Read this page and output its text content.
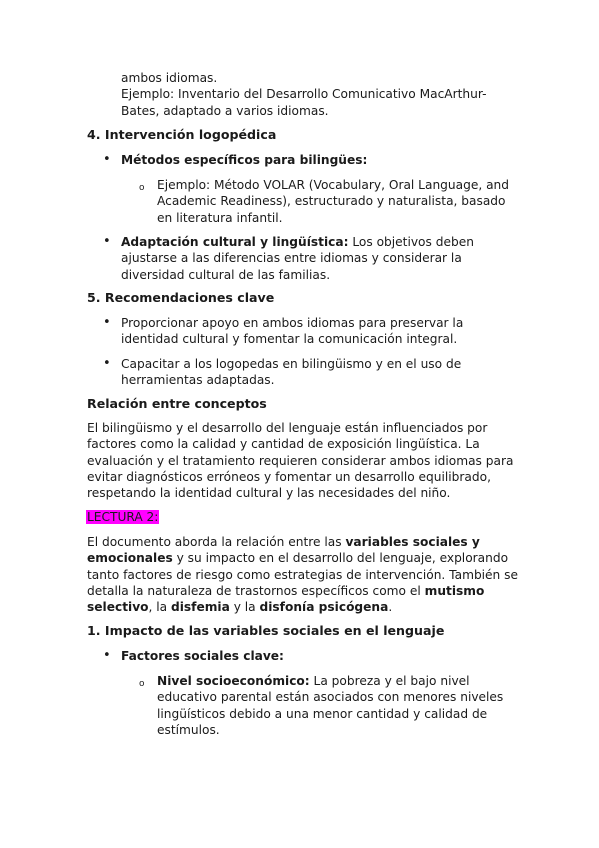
ambos idiomas.
Ejemplo: Inventario del Desarrollo Comunicativo MacArthur-
Bates, adaptado a varios idiomas.
4. Intervención logopédica
• Métodos específicos para bilingües:
o Ejemplo: Método VOLAR (Vocabulary, Oral Language, and
Academic Readiness), estructurado y naturalista, basado
en literatura infantil.
• Adaptación cultural y lingüística: Los objetivos deben
ajustarse a las diferencias entre idiomas y considerar la
diversidad cultural de las familias.
5. Recomendaciones clave
• Proporcionar apoyo en ambos idiomas para preservar la
identidad cultural y fomentar la comunicación integral.
• Capacitar a los logopedas en bilingüismo y en el uso de
herramientas adaptadas.
Relación entre conceptos
El bilingüismo y el desarrollo del lenguaje están influenciados por
factores como la calidad y cantidad de exposición lingüística. La
evaluación y el tratamiento requieren considerar ambos idiomas para
evitar diagnósticos erróneos y fomentar un desarrollo equilibrado,
respetando la identidad cultural y las necesidades del niño.
LECTURA 2:
El documento aborda la relación entre las variables sociales y
emocionales y su impacto en el desarrollo del lenguaje, explorando
tanto factores de riesgo como estrategias de intervención. También se
detalla la naturaleza de trastornos específicos como el mutismo
selectivo, la disfemia y la disfonía psicógena.
1. Impacto de las variables sociales en el lenguaje
• Factores sociales clave:
o Nivel socioeconómico: La pobreza y el bajo nivel
educativo parental están asociados con menores niveles
lingüísticos debido a una menor cantidad y calidad de
estímulos.
